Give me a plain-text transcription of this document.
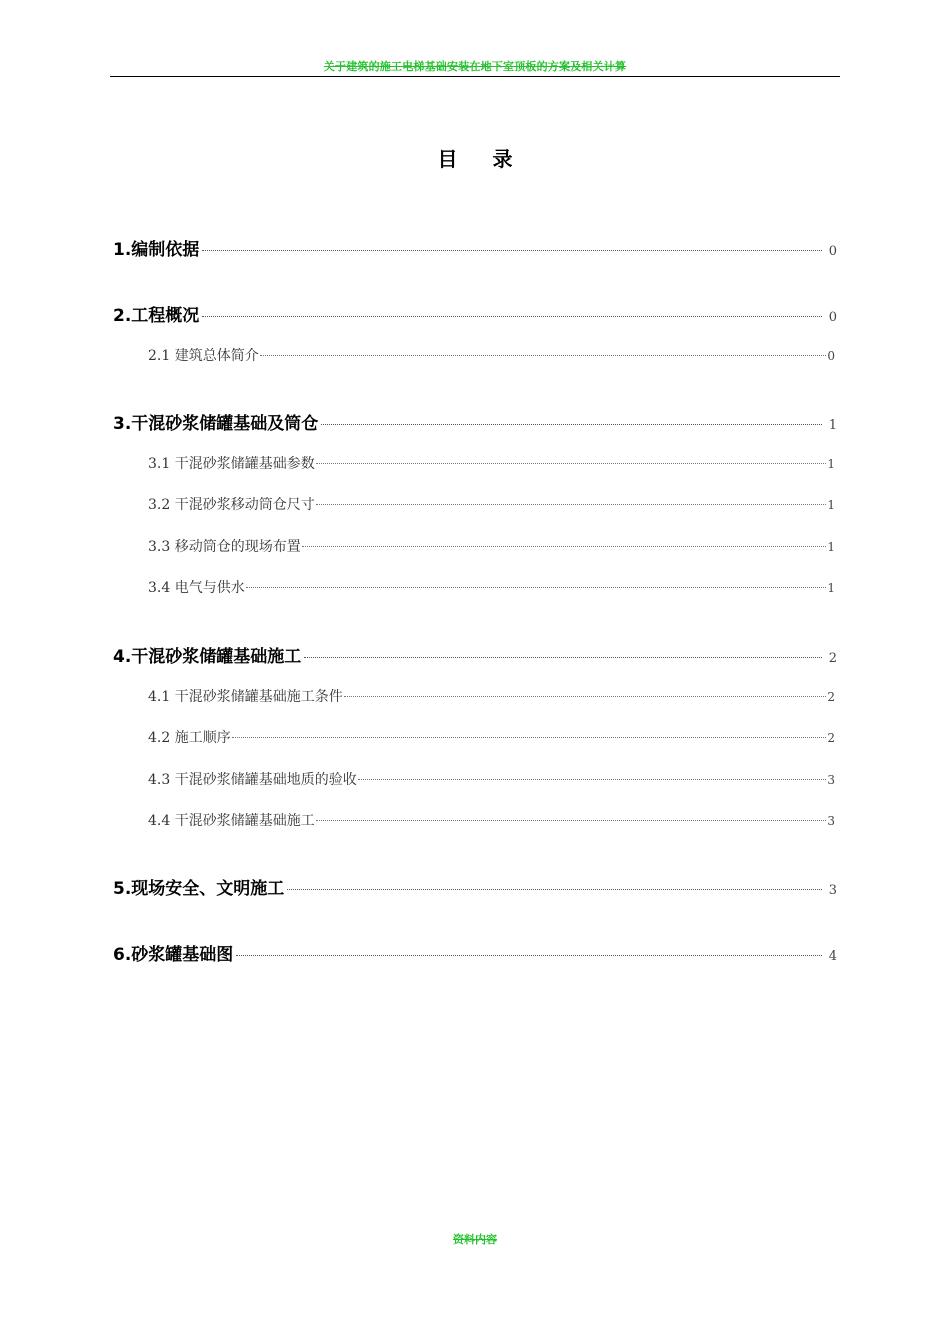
关于建筑的施工电梯基础安装在地下室顶板的方案及相关计算
目 录
1.编制依据	0
2.工程概况	0
2.1 建筑总体简介	0
3.干混砂浆储罐基础及筒仓	1
3.1 干混砂浆储罐基础参数	1
3.2 干混砂浆移动筒仓尺寸	1
3.3 移动筒仓的现场布置	1
3.4 电气与供水	1
4.干混砂浆储罐基础施工	2
4.1 干混砂浆储罐基础施工条件	2
4.2 施工顺序	2
4.3 干混砂浆储罐基础地质的验收	3
4.4 干混砂浆储罐基础施工	3
5.现场安全、文明施工	3
6.砂浆罐基础图	4
资料内容
